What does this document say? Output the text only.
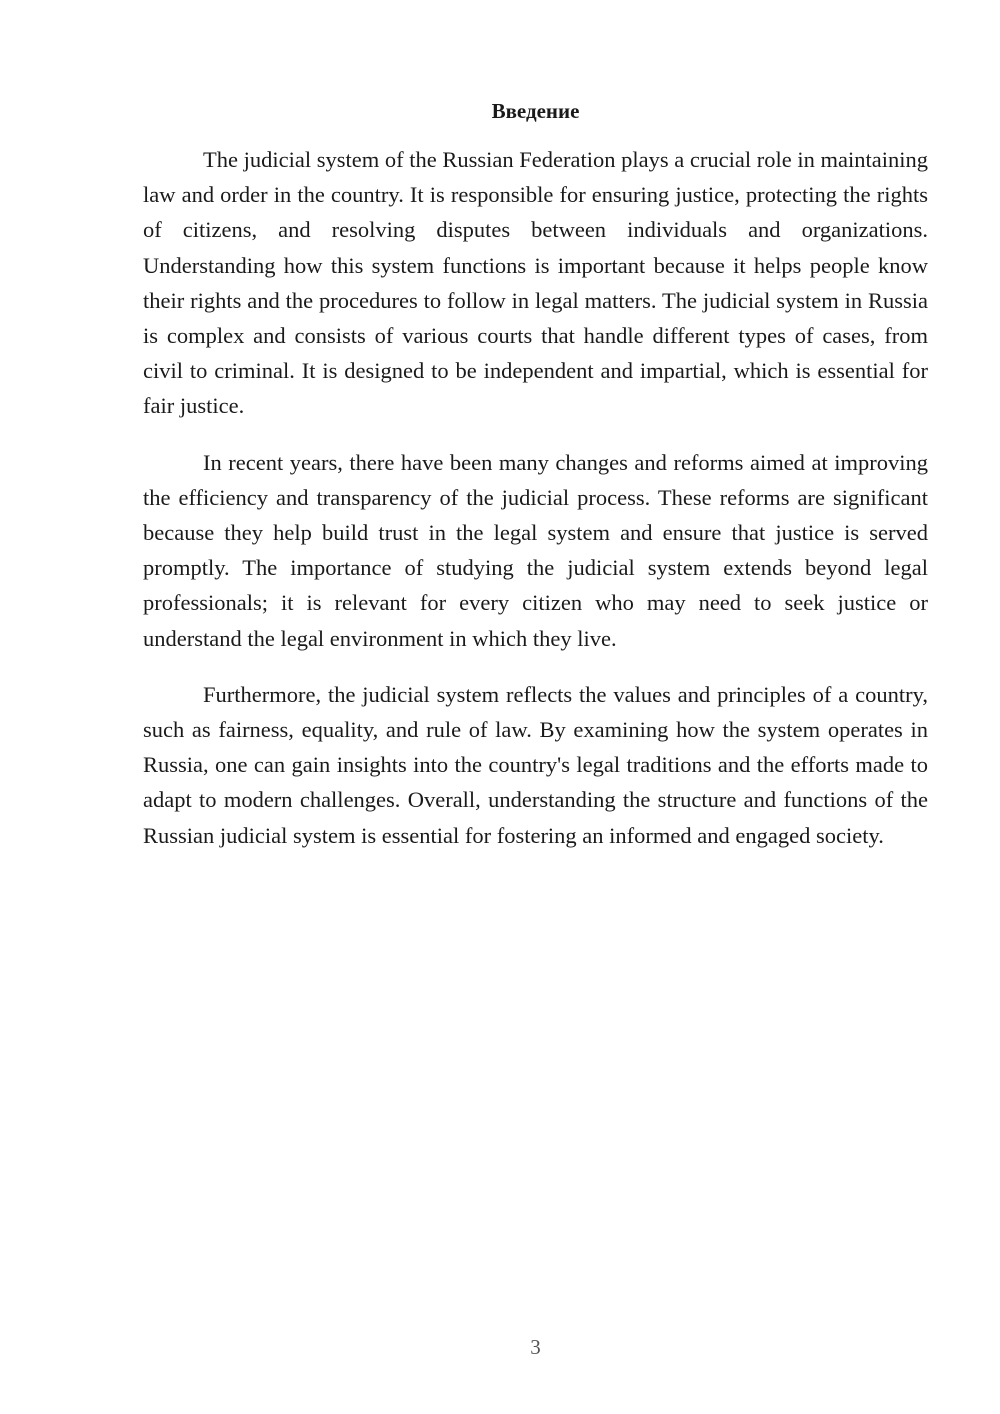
Введение

The judicial system of the Russian Federation plays a crucial role in maintaining law and order in the country. It is responsible for ensuring justice, protecting the rights of citizens, and resolving disputes between individuals and organizations. Understanding how this system functions is important because it helps people know their rights and the procedures to follow in legal matters. The judicial system in Russia is complex and consists of various courts that handle different types of cases, from civil to criminal. It is designed to be independent and impartial, which is essential for fair justice.

In recent years, there have been many changes and reforms aimed at improving the efficiency and transparency of the judicial process. These reforms are significant because they help build trust in the legal system and ensure that justice is served promptly. The importance of studying the judicial system extends beyond legal professionals; it is relevant for every citizen who may need to seek justice or understand the legal environment in which they live.

Furthermore, the judicial system reflects the values and principles of a country, such as fairness, equality, and rule of law. By examining how the system operates in Russia, one can gain insights into the country's legal traditions and the efforts made to adapt to modern challenges. Overall, understanding the structure and functions of the Russian judicial system is essential for fostering an informed and engaged society.

3
